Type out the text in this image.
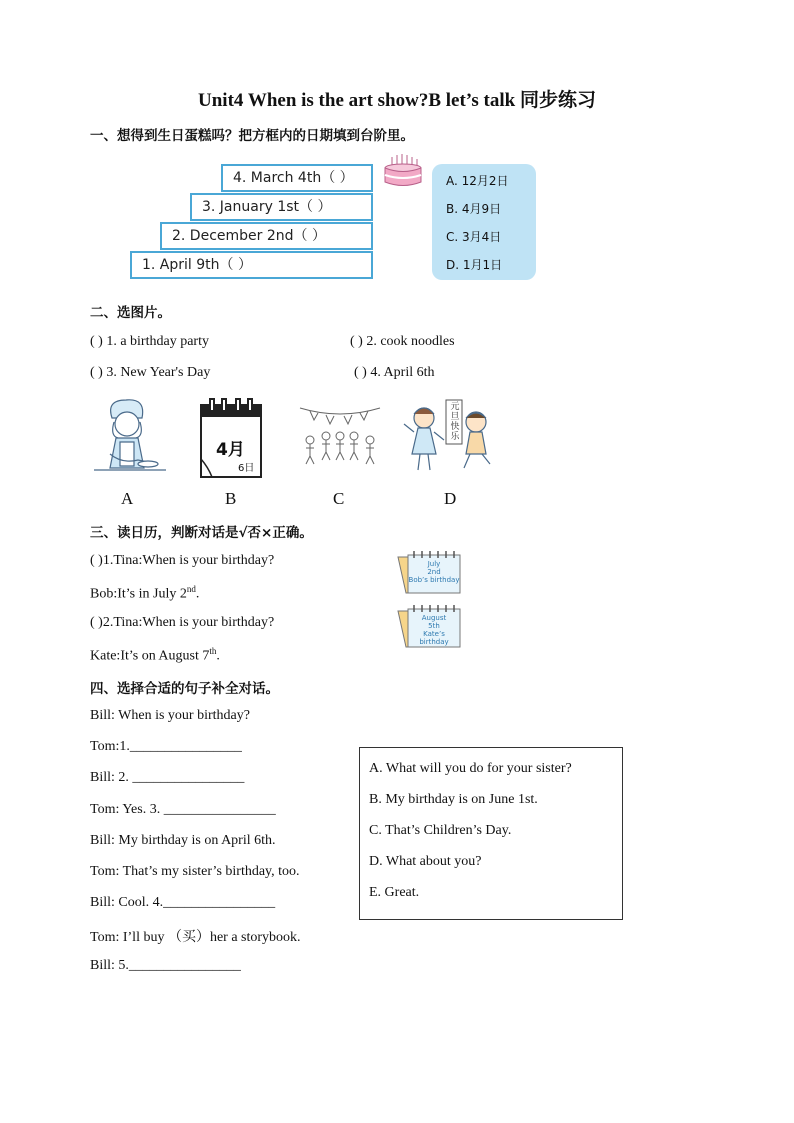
Unit4 When is the art show?B let’s talk 同步练习
一、想得到生日蛋糕吗？把方框内的日期填到台阶里。
4. March 4th（ ）
3. January 1st（ ）
2. December 2nd（ ）
1. April 9th（ ）
A. 12月2日
B. 4月9日
C. 3月4日
D. 1月1日
二、选图片。
( ) 1. a birthday party	( ) 2. cook noodles
( ) 3. New Year's Day	( ) 4. April 6th
4月
6日
元
旦
快
乐
A	B	C	D
三、读日历，判断对话是√否×正确。
( )1.Tina:When is your birthday?
Bob:It’s in July 2nd.
( )2.Tina:When is your birthday?
Kate:It’s on August 7th.
July
2nd
Bob’s birthday
August
5th
Kate’s birthday
四、选择合适的句子补全对话。
Bill: When is your birthday?
Tom:1.________________
Bill: 2. ________________
Tom: Yes. 3. ________________
Bill: My birthday is on April 6th.
Tom: That’s my sister’s birthday, too.
Bill: Cool. 4.________________
Tom: I’ll buy （买）her a storybook.
Bill: 5.________________
A. What will you do for your sister?
B. My birthday is on June 1st.
C. That’s Children’s Day.
D. What about you?
E. Great.
